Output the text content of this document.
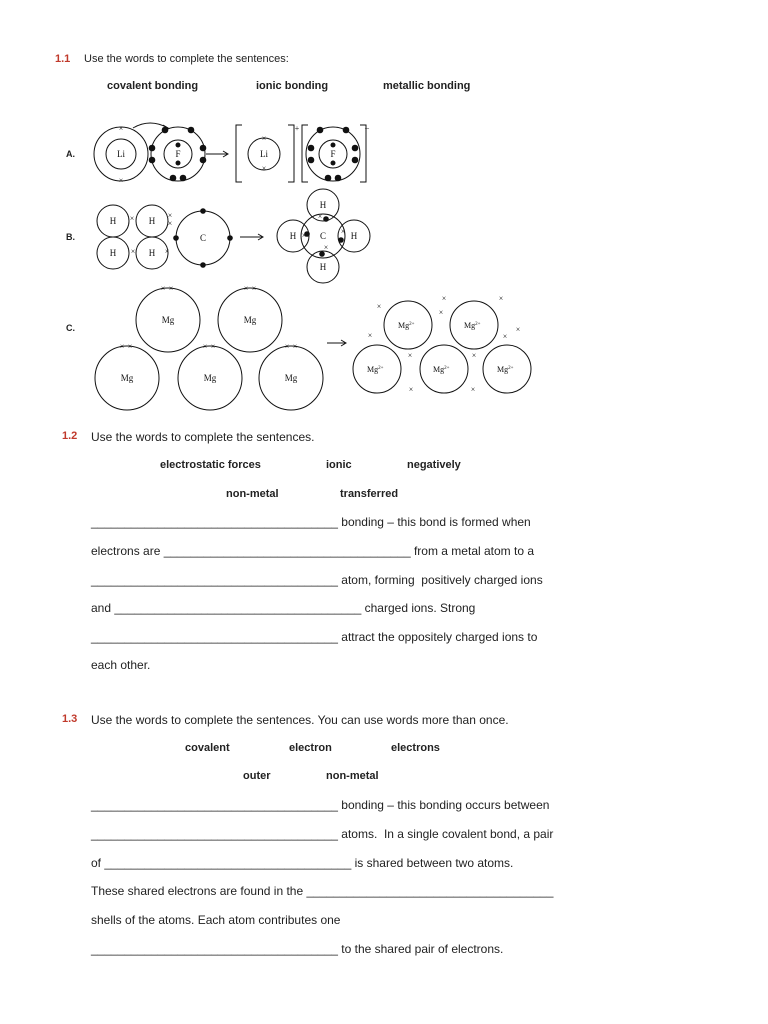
1.1 Use the words to complete the sentences:
covalent bonding	ionic bonding	metallic bonding
A.
B.
C.
Li	F	Li	F
+	–
H	H
H	H
C
H
H
H	H
C
Mg	Mg
Mg	Mg	Mg
$Mg^{2+}$	$Mg^{2+}$
$Mg^{2+}$	$Mg^{2+}$	$Mg^{2+}$
×
×
×
×
×
×
×
×
×
×
×	×
×
× ×	× ×
× ×	× ×	× ×
×
×	×
×
×
×
×
×	×
×	×
1.2 Use the words to complete the sentences.
electrostatic forces	ionic	negatively
non-metal	transferred
_____________________________________ bonding – this bond is formed when
electrons are _____________________________________ from a metal atom to a
_____________________________________ atom, forming  positively charged ions
and _____________________________________ charged ions. Strong
_____________________________________ attract the oppositely charged ions to
each other.
1.3 Use the words to complete the sentences. You can use words more than once.
covalent	electron	electrons
outer	non-metal
_____________________________________ bonding – this bonding occurs between
_____________________________________ atoms.  In a single covalent bond, a pair
of _____________________________________ is shared between two atoms.
These shared electrons are found in the _____________________________________
shells of the atoms. Each atom contributes one
_____________________________________ to the shared pair of electrons.
